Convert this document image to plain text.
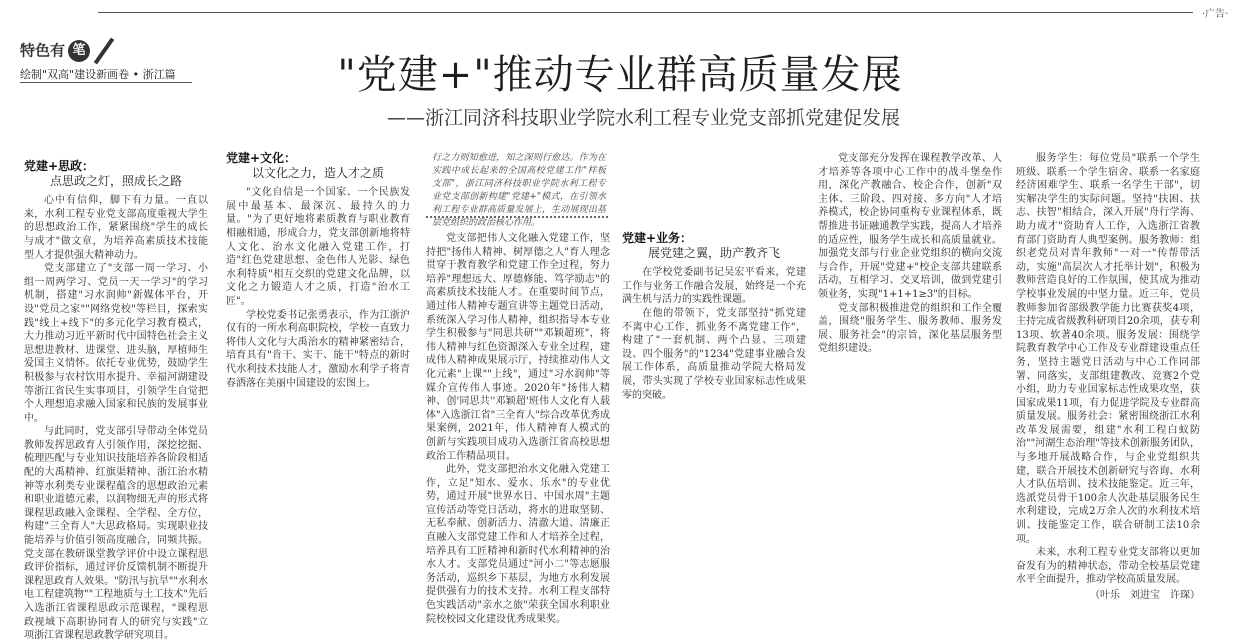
·广告·
特色有 笔
绘制"双高"建设新画卷 • 浙江篇	"党建+"推动专业群高质量发展
——浙江同济科技职业学院水利工程专业党支部抓党建促发展
行之力则知愈进，知之深则行愈达。作为在实践中成长起来的全国高校党建工作"样板支部"，浙江同济科技职业学院水利工程专业党支部创新构建"党建+"模式，在引领水利工程专业群高质量发展上，生动展现出基层党组织的政治核心作用。
党建+思政：
点思政之灯，照成长之路

心中有信仰，脚下有力量。一直以来，水利工程专业党支部高度重视大学生的思想政治工作，紧紧围绕"学生的成长与成才"做文章，为培养高素质技术技能型人才提供强大精神动力。

党支部建立了"支部一周一学习、小组一周两学习、党员一天一学习"的学习机制，搭建"习水润帅"新媒体平台，开设"党员之家""网络党校"等栏目，探索实践"线上+线下"的多元化学习教育模式，大力推动习近平新时代中国特色社会主义思想进教材、进课堂、进头脑，厚植师生爱国主义情怀。依托专业优势，鼓励学生积极参与农村饮用水提升、幸福河湖建设等浙江省民生实事项目，引领学生自觉把个人理想追求融入国家和民族的发展事业中。

与此同时，党支部引导带动全体党员教师发挥思政育人引领作用，深挖挖掘、梳理匹配与专业知识技能培养各阶段相适配的大禹精神、红旗渠精神、浙江治水精神等水利类专业课程蕴含的思想政治元素和职业道德元素，以润物细无声的形式将课程思政融入金课程、全学程、全方位，构建"三全育人"大思政格局。实现职业技能培养与价值引领高度融合，同频共振。党支部在教研课堂教学评价中设立课程思政评价指标，通过评价反馈机制不断提升课程思政育人效果。"防汛与抗旱""水利水电工程建筑物""工程地质与土工技术"先后入选浙江省课程思政示范课程，"课程思政视域下高职协同育人的研究与实践"立项浙江省课程思政教学研究项目。

党建+文化：
以文化之力，造人才之质

"文化自信是一个国家、一个民族发展中最基本、最深沉、最持久的力量。"为了更好地将素质教育与职业教育相融相通，形成合力，党支部创新地将特人文化、治水文化融入党建工作，打造"红色党建思想、金色伟人光影、绿色水利特质"相互交织的党建文化品牌，以文化之力锻造人才之质，打造"治水工匠"。

学校党委书记张勇表示，作为江浙沪仅有的一所水利高职院校，学校一直致力将伟人文化与大禹治水的精神紧密结合，培育具有"肯干、实干、能干"特点的新时代水利技术技能人才，激励水利学子将青春洒落在美丽中国建设的宏图上。

党支部把伟人文化融入党建工作，坚持把"扬伟人精神、树厚德之人"育人理念贯穿于教育教学和党建工作全过程，努力培养"理想远大、厚德修能、笃学励志"的高素质技术技能人才。在重要时间节点，通过伟人精神专题宣讲等主题党日活动，系统深入学习伟人精神，组织指导本专业学生积极参与"同思共研""邓颖超班"，将伟人精神与红色资源深入专业全过程，建成伟人精神成果展示厅，持续推动伟人文化元素"上课""上线"，通过"习水润帅"等媒介宣传伟人事迹。2020年"扬伟人精神、创'同思共''邓颖超'班伟人文化育人载体"入选浙江省"三全育人"综合改革优秀成果案例，2021年，伟人精神育人模式的创新与实践项目成功入选浙江省高校思想政治工作精品项目。

此外，党支部把治水文化融入党建工作，立足"知水、爱水、乐水"的专业优势，通过开展"世界水日、中国水周"主题宣传活动等党日活动，将水的进取坚韧、无私奉献、创新活力、清澈大道、清廉正直融入支部党建工作和人才培养全过程，培养具有工匠精神和新时代水利精神的治水人才。支部党员通过"河小二"等志愿服务活动，巡织乡下基层，为地方水利发展提供强有力的技术支持。水利工程支部特色实践活动"亲水之旅"荣获全国水利职业院校校园文化建设优秀成果奖。

党建+业务：
展党建之翼，助产教齐飞

在学校党委副书记吴宏平看来，党建工作与业务工作融合发展，始终是一个充满生机与活力的实践性课题。

在他的带领下，党支部坚持"抓党建不离中心工作，抓业务不离党建工作"，构建了"一套机制、两个凸显、三项建设、四个服务"的"1234"党建事业融合发展工作体系，高质量推动学院大格局发展，带头实现了学校专业国家标志性成果零的突破。

党支部充分发挥在课程教学改革、人才培养等各项中心工作中的战斗堡垒作用，深化产教融合、校企合作，创新"双主体、三阶段、四对接、多方向"人才培养模式，校企协同重构专业课程体系，既帮推进书证融通教学实践，提高人才培养的适应性，服务学生成长和高质量就业。加强党支部与行业企业党组织的横向交流与合作，开展"党建+"校企支部共建联系活动，互相学习、交叉培训，做到党建引领业务，实现"1+1+1≥3"的目标。

党支部积极推进党的组织和工作全覆盖，围绕"服务学生、服务教师、服务发展、服务社会"的宗旨，深化基层服务型党组织建设。

服务学生：每位党员"联系一个学生班级、联系一个学生宿舍、联系一名家庭经济困难学生、联系一名学生干部"，切实解决学生的实际问题。坚持"扶困、扶志、扶智"相结合，深入开展"舟行学海、助力成才"资助育人工作，入选浙江省教育部门资助育人典型案例。服务教师：组织老党员对青年教师"一对一"传帮带活动，实施"高层次人才托举计划"，积极为教师营造良好的工作氛围，使其成为推动学校事业发展的中坚力量。近三年，党员教师参加省部级教学能力比赛获奖4项，主持完成省级教科研项目20余项，获专利13项、软著40余项。服务发展：围绕学院教育教学中心工作及专业群建设重点任务，坚持主题党日活动与中心工作同部署、同落实，支部组建教改、竞赛2个党小组，助力专业国家标志性成果攻坚，获国家成果11项，有力促进学院及专业群高质量发展。服务社会：紧密围绕浙江水利改革发展需要，组建"水利工程白蚁防治""河湖生态治理"等技术创新服务团队，与多地开展战略合作，与企业党组织共建，联合开展技术创新研究与咨询、水利人才队伍培训、技术技能鉴定。近三年，选派党员骨干100余人次赴基层服务民生水利建设，完成2万余人次的水利技术培训、技能鉴定工作，联合研制工法10余项。

未来，水利工程专业党支部将以更加奋发有为的精神状态，带动全校基层党建水平全面提升，推动学校高质量发展。

（叶乐　刘进宝　许琛）
